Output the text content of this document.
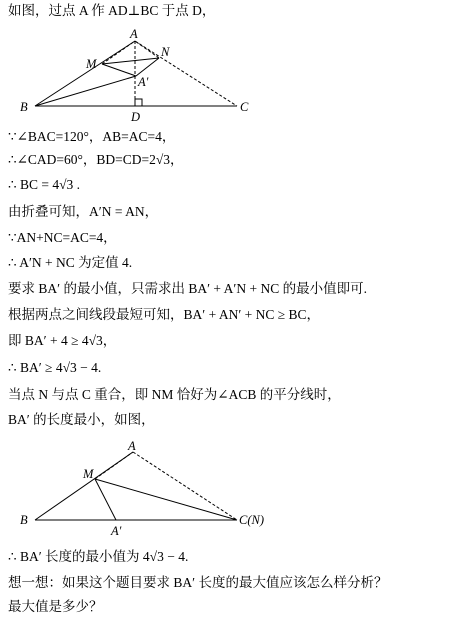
如图，过点 A 作 AD⊥BC 于点 D，
A
B	C
D
M
N
A′
∵∠BAC=120°，AB=AC=4，
∴∠CAD=60°，BD=CD=2√3，
∴ BC = 4√3 .
由折叠可知，A′N = AN，
∵AN+NC=AC=4，
∴ A′N + NC 为定值 4.
要求 BA′ 的最小值，只需求出 BA′ + A′N + NC 的最小值即可.
根据两点之间线段最短可知，BA′ + AN′ + NC ≥ BC，
即 BA′ + 4 ≥ 4√3，
∴ BA′ ≥ 4√3 − 4.
当点 N 与点 C 重合，即 NM 恰好为∠ACB 的平分线时，
BA′ 的长度最小，如图，
A
B	C(N)
M
A′
∴ BA′ 长度的最小值为 4√3 − 4.
想一想：如果这个题目要求 BA′ 长度的最大值应该怎么样分析？
最大值是多少？
